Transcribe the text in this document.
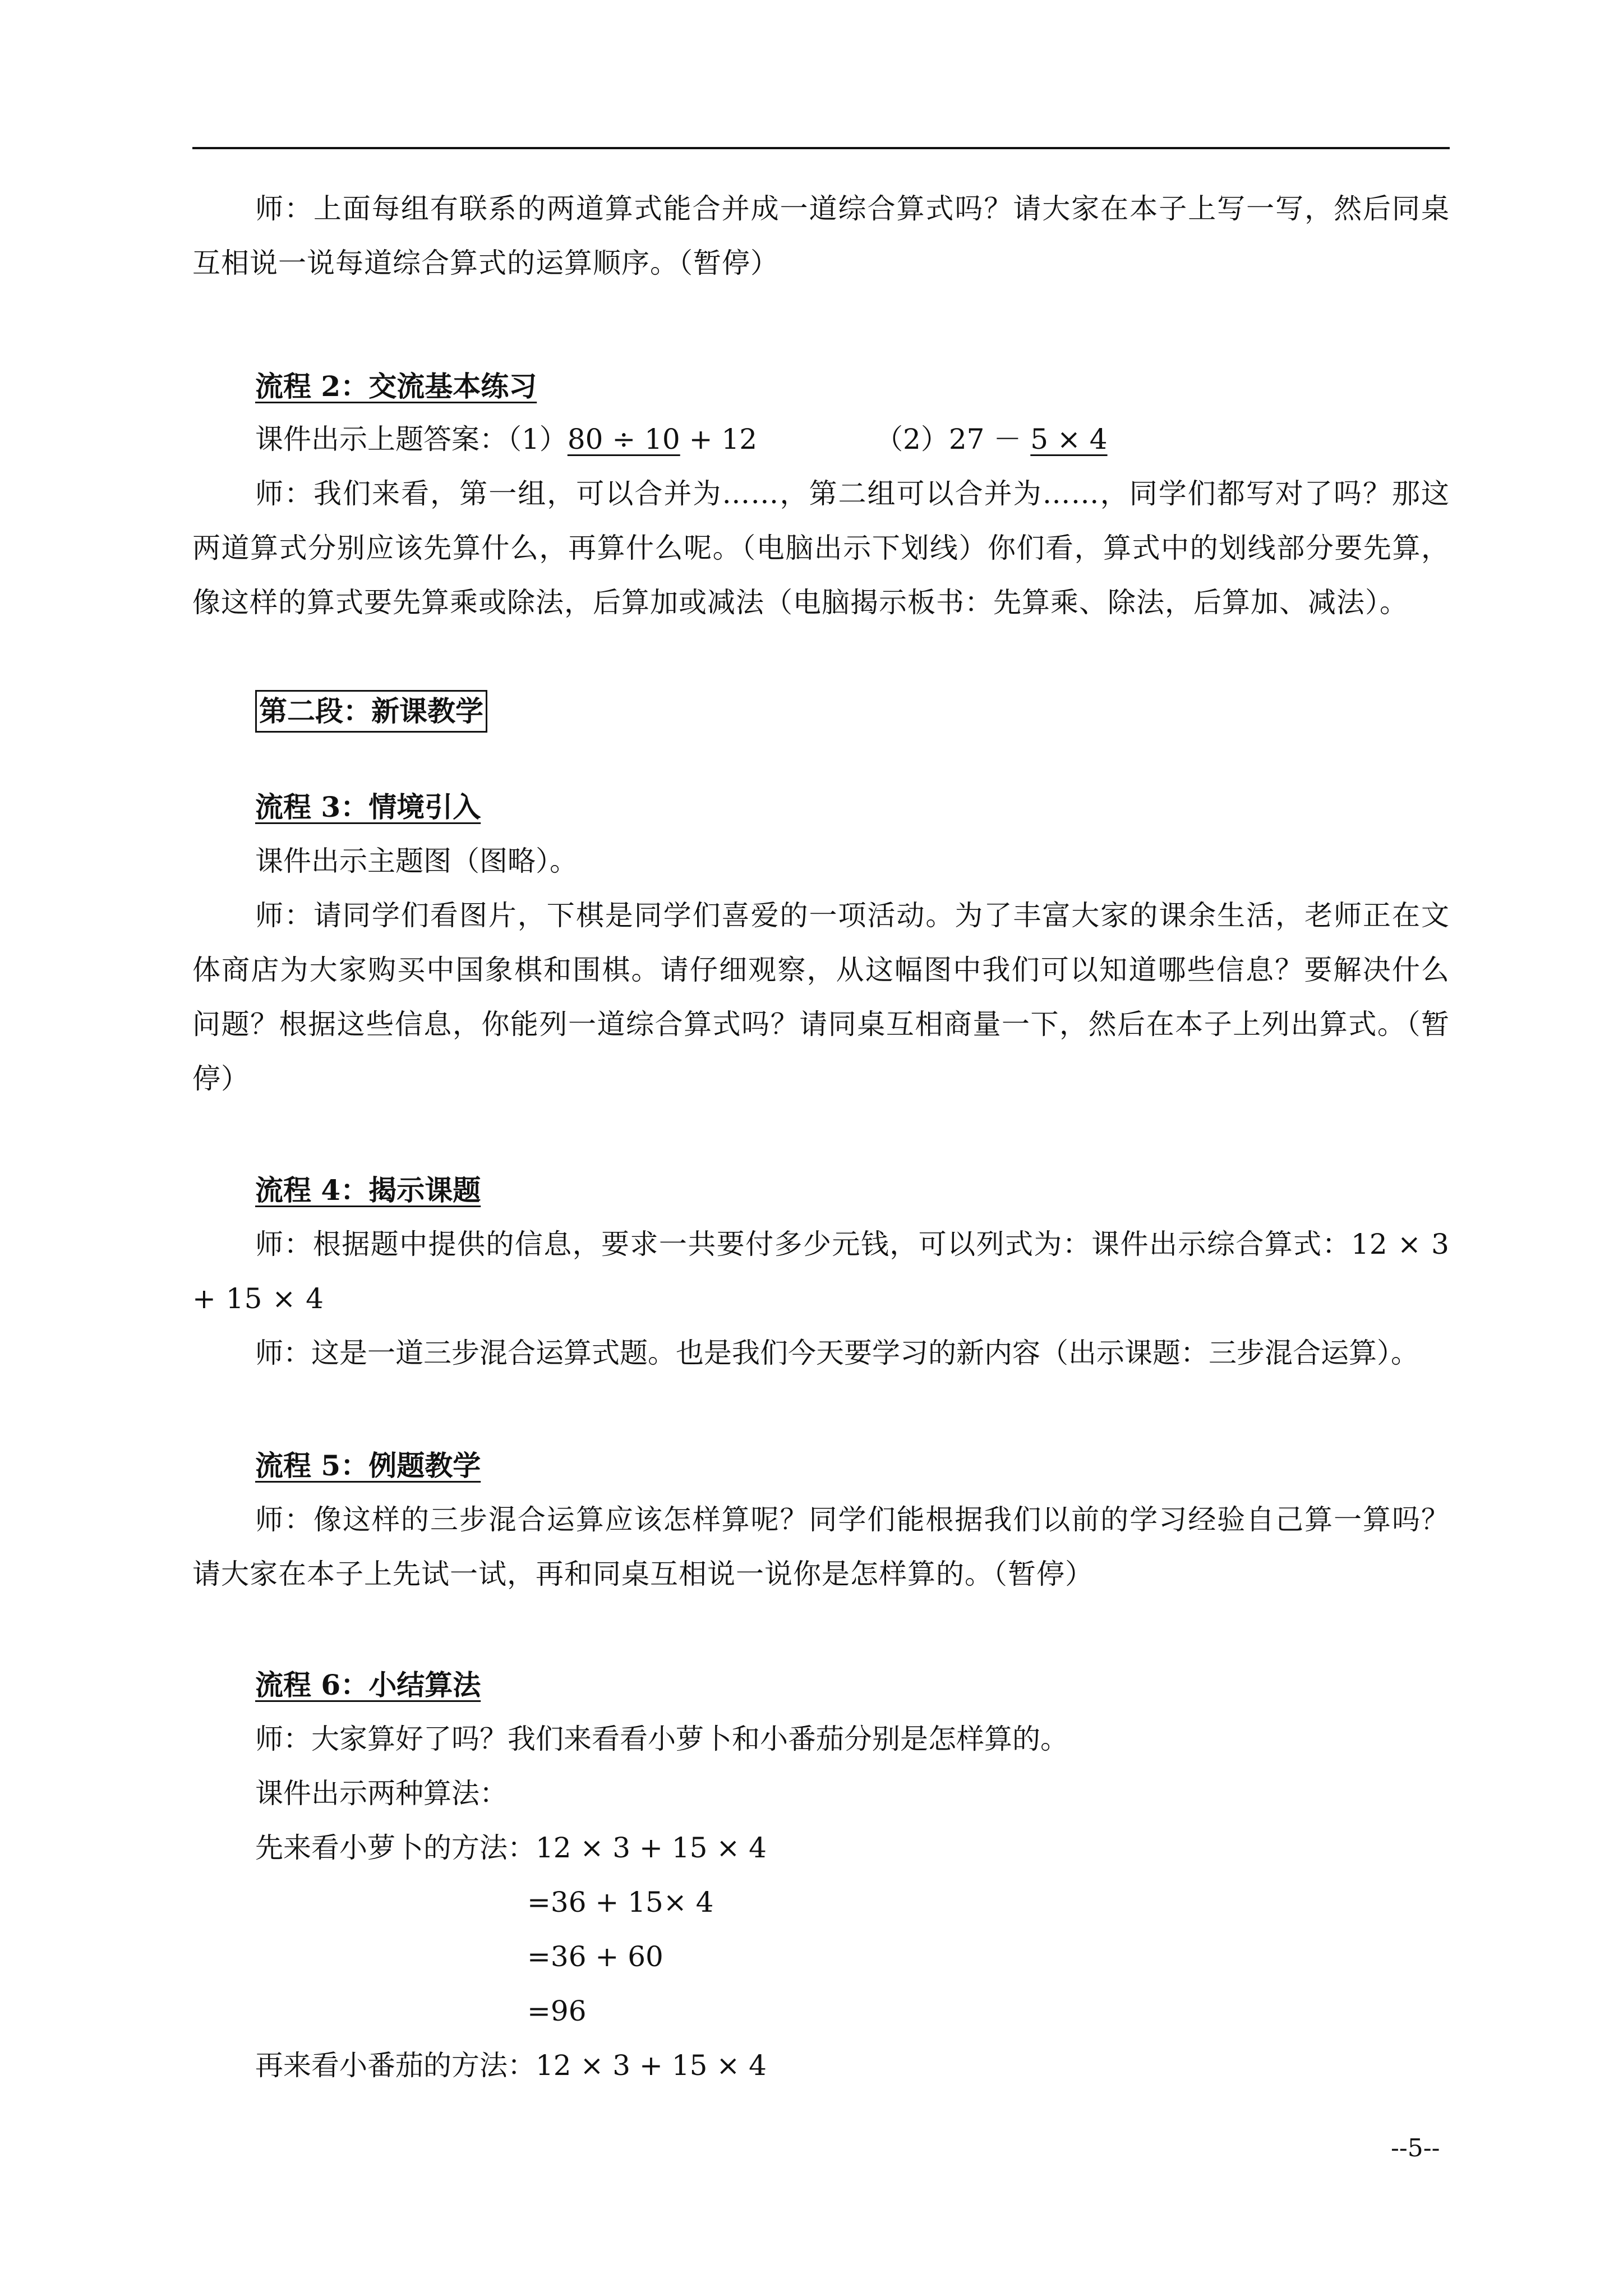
师：上面每组有联系的两道算式能合并成一道综合算式吗？请大家在本子上写一写，然后同桌互相说一说每道综合算式的运算顺序。（暂停）

流程 2：交流基本练习

课件出示上题答案：（1）80 ÷ 10 + 12	（2）27 － 5 × 4

师：我们来看，第一组，可以合并为……，第二组可以合并为……，同学们都写对了吗？那这两道算式分别应该先算什么，再算什么呢。（电脑出示下划线）你们看，算式中的划线部分要先算，像这样的算式要先算乘或除法，后算加或减法（电脑揭示板书：先算乘、除法，后算加、减法）。

第二段：新课教学

流程 3：情境引入

课件出示主题图（图略）。

师：请同学们看图片，下棋是同学们喜爱的一项活动。为了丰富大家的课余生活，老师正在文体商店为大家购买中国象棋和围棋。请仔细观察，从这幅图中我们可以知道哪些信息？要解决什么问题？根据这些信息，你能列一道综合算式吗？请同桌互相商量一下，然后在本子上列出算式。（暂停）

流程 4：揭示课题

师：根据题中提供的信息，要求一共要付多少元钱，可以列式为：课件出示综合算式：12 × 3 + 15 × 4

师：这是一道三步混合运算式题。也是我们今天要学习的新内容（出示课题：三步混合运算）。

流程 5：例题教学

师：像这样的三步混合运算应该怎样算呢？同学们能根据我们以前的学习经验自己算一算吗？请大家在本子上先试一试，再和同桌互相说一说你是怎样算的。（暂停）

流程 6：小结算法

师：大家算好了吗？我们来看看小萝卜和小番茄分别是怎样算的。

课件出示两种算法：

先来看小萝卜的方法：12 × 3 + 15 × 4

=36 + 15× 4

=36 + 60

=96

再来看小番茄的方法：12 × 3 + 15 × 4

--5--
